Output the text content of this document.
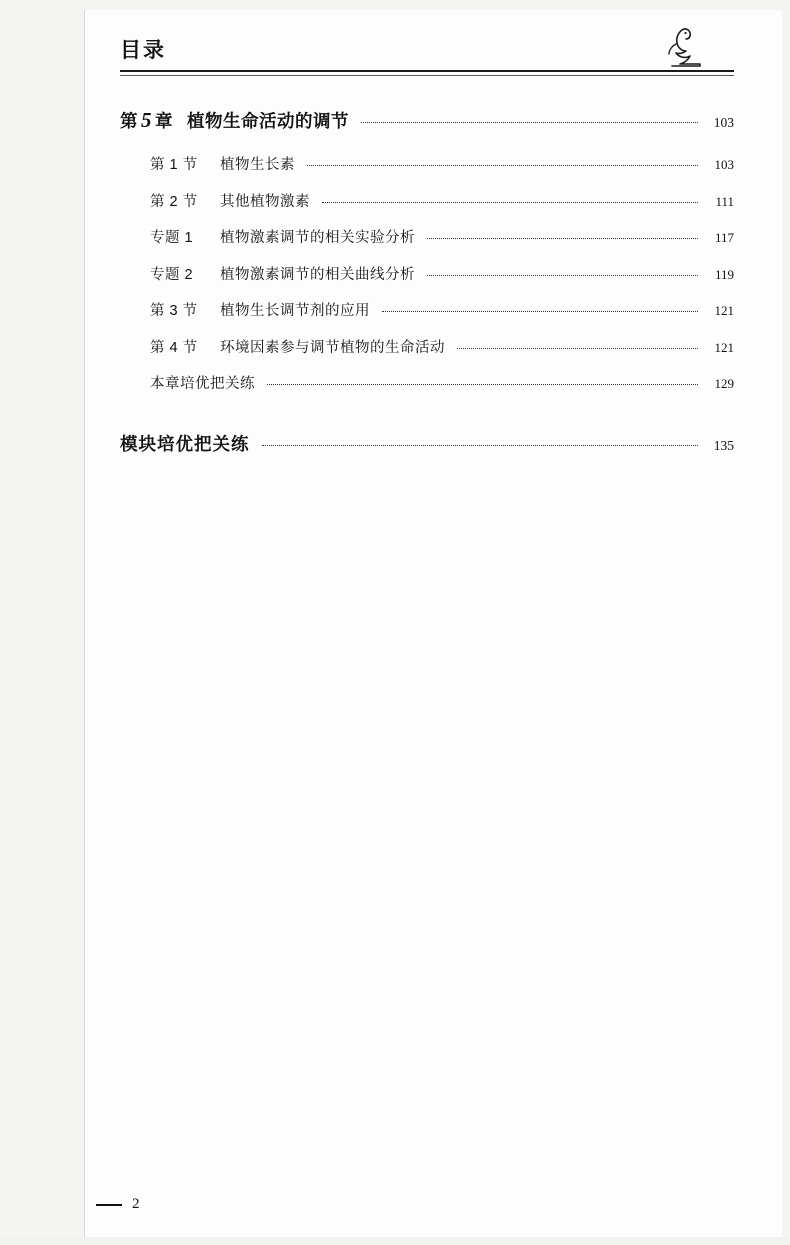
目录
第 5 章 植物生命活动的调节	103
第 1 节	植物生长素	103
第 2 节	其他植物激素	111
专题 1	植物激素调节的相关实验分析	117
专题 2	植物激素调节的相关曲线分析	119
第 3 节	植物生长调节剂的应用	121
第 4 节	环境因素参与调节植物的生命活动	121
本章培优把关练	129
模块培优把关练	135
2
